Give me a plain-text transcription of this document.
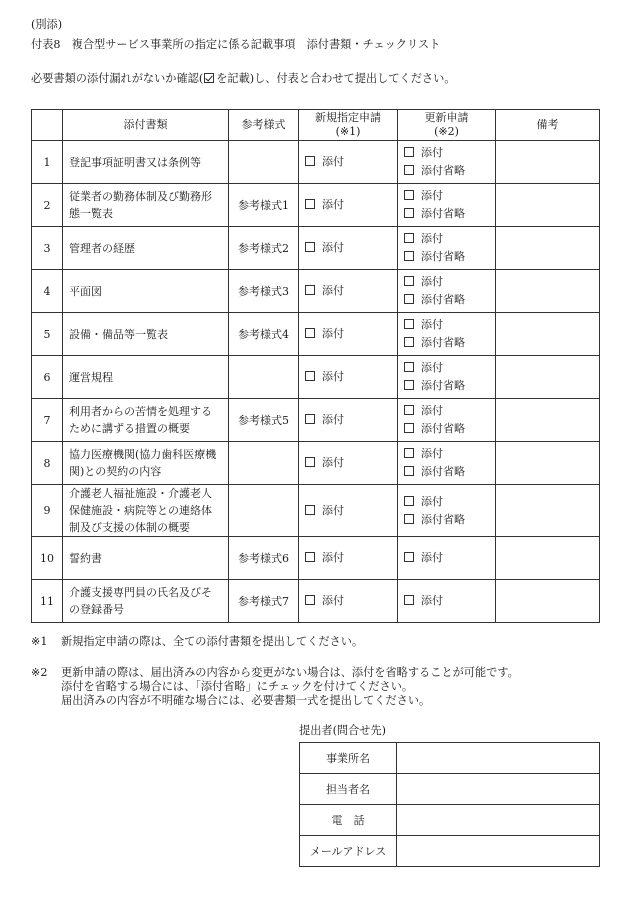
(別添)
付表8　複合型サービス事業所の指定に係る記載事項　添付書類・チェックリスト
必要書類の添付漏れがないか確認( を記載)し、付表と合わせて提出してください。
	添付書類	参考様式	新規指定申請
(※1)	更新申請
(※2)	備考
1	登記事項証明書又は条例等		添付	添付
添付省略	

2	従業者の勤務体制及び勤務形態一覧表	参考様式1	添付	添付
添付省略	

3	管理者の経歴	参考様式2	添付	添付
添付省略	

4	平面図	参考様式3	添付	添付
添付省略	

5	設備・備品等一覧表	参考様式4	添付	添付
添付省略	

6	運営規程		添付	添付
添付省略	

7	利用者からの苦情を処理するために講ずる措置の概要	参考様式5	添付	添付
添付省略	

8	協力医療機関(協力歯科医療機関)との契約の内容		添付	添付
添付省略	

9	介護老人福祉施設・介護老人保健施設・病院等との連絡体制及び支援の体制の概要		添付	添付
添付省略	

10	誓約書	参考様式6	添付	添付	

11	介護支援専門員の氏名及びその登録番号	参考様式7	添付	添付	

※1 新規指定申請の際は、全ての添付書類を提出してください。
※2 更新申請の際は、届出済みの内容から変更がない場合は、添付を省略することが可能です。
添付を省略する場合には、「添付省略」にチェックを付けてください。
届出済みの内容が不明確な場合には、必要書類一式を提出してください。
提出者(問合せ先)
事業所名	
担当者名	
電　話	
メールアドレス	
